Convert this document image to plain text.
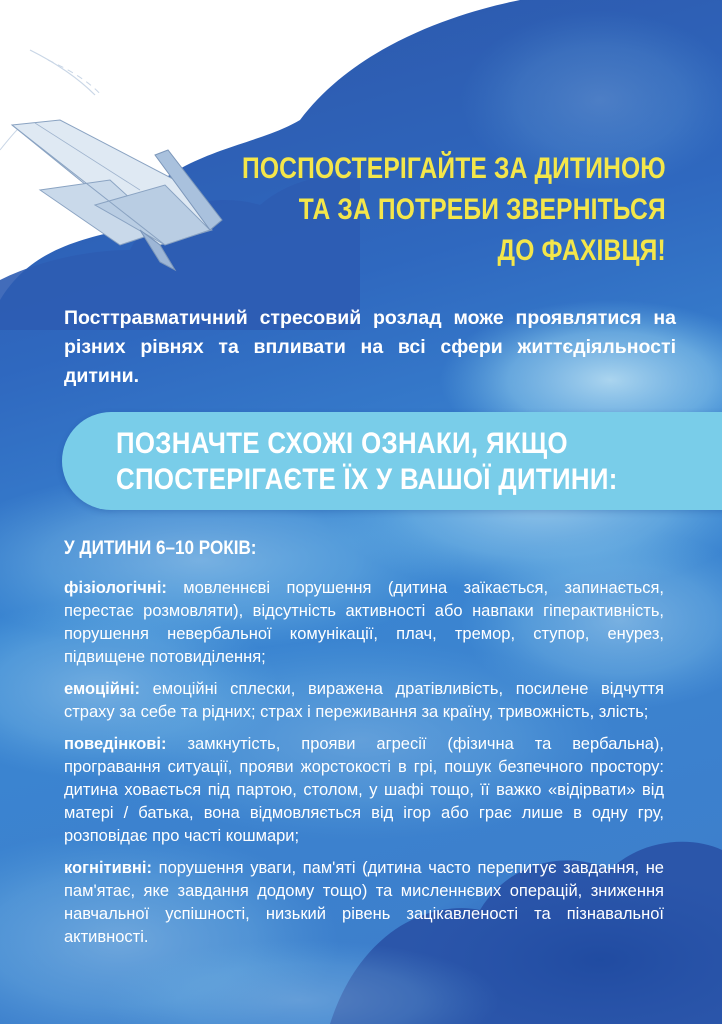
ПОСПОСТЕРІГАЙТЕ ЗА ДИТИНОЮ
ТА ЗА ПОТРЕБИ ЗВЕРНІТЬСЯ
ДО ФАХІВЦЯ!
Посттравматичний стресовий розлад може проявлятися на різних рівнях та впливати на всі сфери життєдіяльності дитини.
ПОЗНАЧТЕ СХОЖІ ОЗНАКИ, ЯКЩО
СПОСТЕРІГАЄТЕ ЇХ У ВАШОЇ ДИТИНИ:
У ДИТИНИ 6–10 РОКІВ:

фізіологічні: мовленнєві порушення (дитина заїкається, запинається, перестає розмовляти), відсутність активності або навпаки гіперактивність, порушення невербальної комунікації, плач, тремор, ступор, енурез, підвищене потовиділення;

емоційні: емоційні сплески, виражена дратівливість, посилене відчуття страху за себе та рідних; страх і переживання за країну, тривожність, злість;

поведінкові: замкнутість, прояви агресії (фізична та вербальна), програвання ситуації, прояви жорстокості в грі, пошук безпечного простору: дитина ховається під партою, столом, у шафі тощо, її важко «відірвати» від матері / батька, вона відмовляється від ігор або грає лише в одну гру, розповідає про часті кошмари;

когнітивні: порушення уваги, пам'яті (дитина часто перепитує завдання, не пам'ятає, яке завдання додому тощо) та мисленнєвих операцій, зниження навчальної успішності, низький рівень зацікавленості та пізнавальної активності.
